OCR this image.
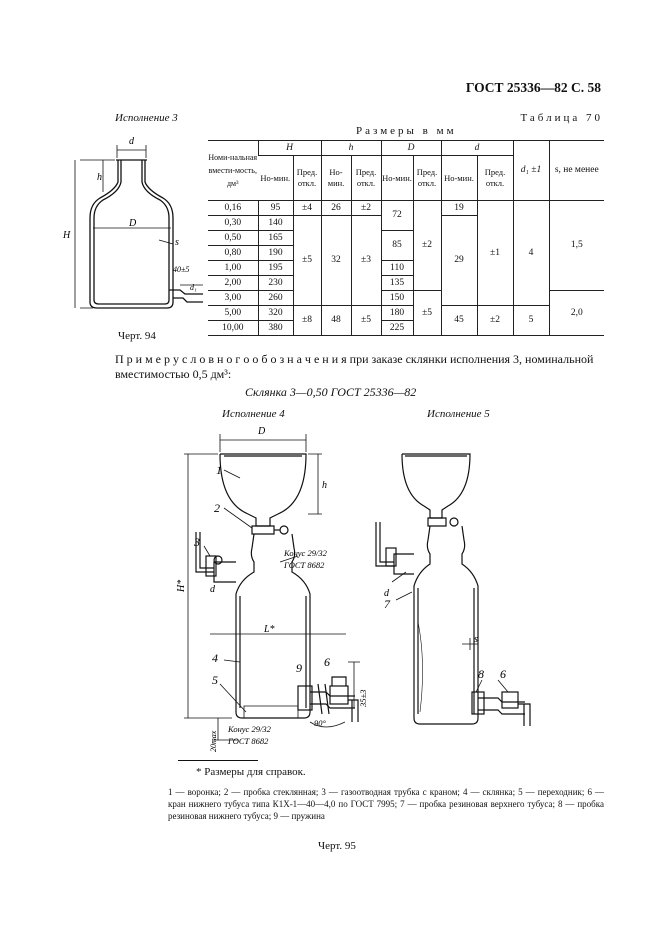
ГОСТ 25336—82 С. 58
Исполнение 3
d
h
H
D
s
40±5
d₁
Черт. 94
Таблица 70
Размеры в мм
Номи-нальная вмести-мость, дм³	H		h		D		d		d₁ ±1	s, не менее
	Но-мин.	Пред. откл.	Но-мин.	Пред. откл.	Но-мин.	Пред. откл.	Но-мин.	Пред. откл.		
0,16	95	±4	26	±2	72	±2	19	±1	4	1,5
0,30	140	±5	32	±3			29			
0,50	165				85					
0,80	190									
1,00	195				110					
2,00	230				135					
3,00	260				150	±5				2,0
5,00	320	±8	48	±5	180		45	±2	5	
10,00	380				225					
П р и м е р у с л о в н о г о о б о з н а ч е н и я при заказе склянки исполнения 3, номинальной вместимостью 0,5 дм³:
Склянка 3—0,50 ГОСТ 25336—82
Исполнение 4	Исполнение 5
D
h
H*
L*
d
1
2
3
4
5
6
9
Конус 29/32
ГОСТ 8682
Конус 29/32
ГОСТ 8682
35±3
90°
20max
d
7
s
8 6
* Размеры для справок.
1 — воронка; 2 — пробка стеклянная; 3 — газоотводная трубка с краном; 4 — склянка; 5 — переходник; 6 — кран нижнего тубуса типа К1Х-1—40—4,0 по ГОСТ 7995; 7 — пробка резиновая верхнего тубуса; 8 — пробка резиновая нижнего тубуса; 9 — пружина
Черт. 95
